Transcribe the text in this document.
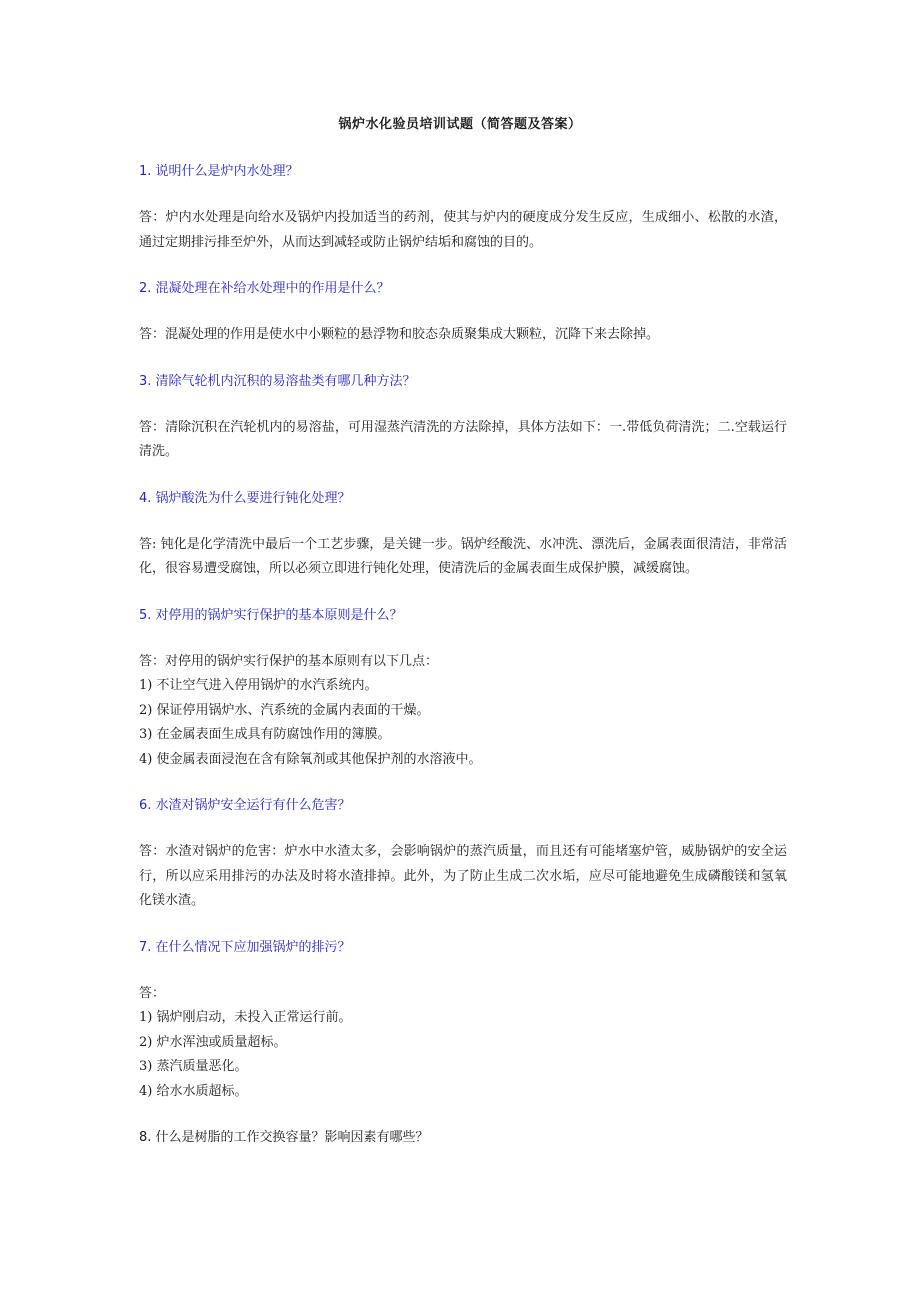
锅炉水化验员培训试题（简答题及答案）
1. 说明什么是炉内水处理？
答：炉内水处理是向给水及锅炉内投加适当的药剂，使其与炉内的硬度成分发生反应，生成细小、松散的水渣，通过定期排污排至炉外，从而达到减轻或防止锅炉结垢和腐蚀的目的。
2. 混凝处理在补给水处理中的作用是什么？
答：混凝处理的作用是使水中小颗粒的悬浮物和胶态杂质聚集成大颗粒，沉降下来去除掉。
3. 清除气轮机内沉积的易溶盐类有哪几种方法？
答：清除沉积在汽轮机内的易溶盐，可用湿蒸汽清洗的方法除掉，具体方法如下：一.带低负荷清洗；二.空载运行清洗。
4. 锅炉酸洗为什么要进行钝化处理？
答: 钝化是化学清洗中最后一个工艺步骤，是关键一步。锅炉经酸洗、水冲洗、漂洗后，金属表面很清洁，非常活化，很容易遭受腐蚀，所以必须立即进行钝化处理，使清洗后的金属表面生成保护膜，减缓腐蚀。
5. 对停用的锅炉实行保护的基本原则是什么？
答：对停用的锅炉实行保护的基本原则有以下几点：
1) 不让空气进入停用锅炉的水汽系统内。
2) 保证停用锅炉水、汽系统的金属内表面的干燥。
3) 在金属表面生成具有防腐蚀作用的簿膜。
4) 使金属表面浸泡在含有除氧剂或其他保护剂的水溶液中。
6. 水渣对锅炉安全运行有什么危害？
答：水渣对锅炉的危害：炉水中水渣太多，会影响锅炉的蒸汽质量，而且还有可能堵塞炉管，威胁锅炉的安全运行，所以应采用排污的办法及时将水渣排掉。此外，为了防止生成二次水垢，应尽可能地避免生成磷酸镁和氢氧化镁水渣。
7. 在什么情况下应加强锅炉的排污？
答：
1) 锅炉刚启动，未投入正常运行前。
2) 炉水浑浊或质量超标。
3) 蒸汽质量恶化。
4) 给水水质超标。
8. 什么是树脂的工作交换容量？影响因素有哪些？
